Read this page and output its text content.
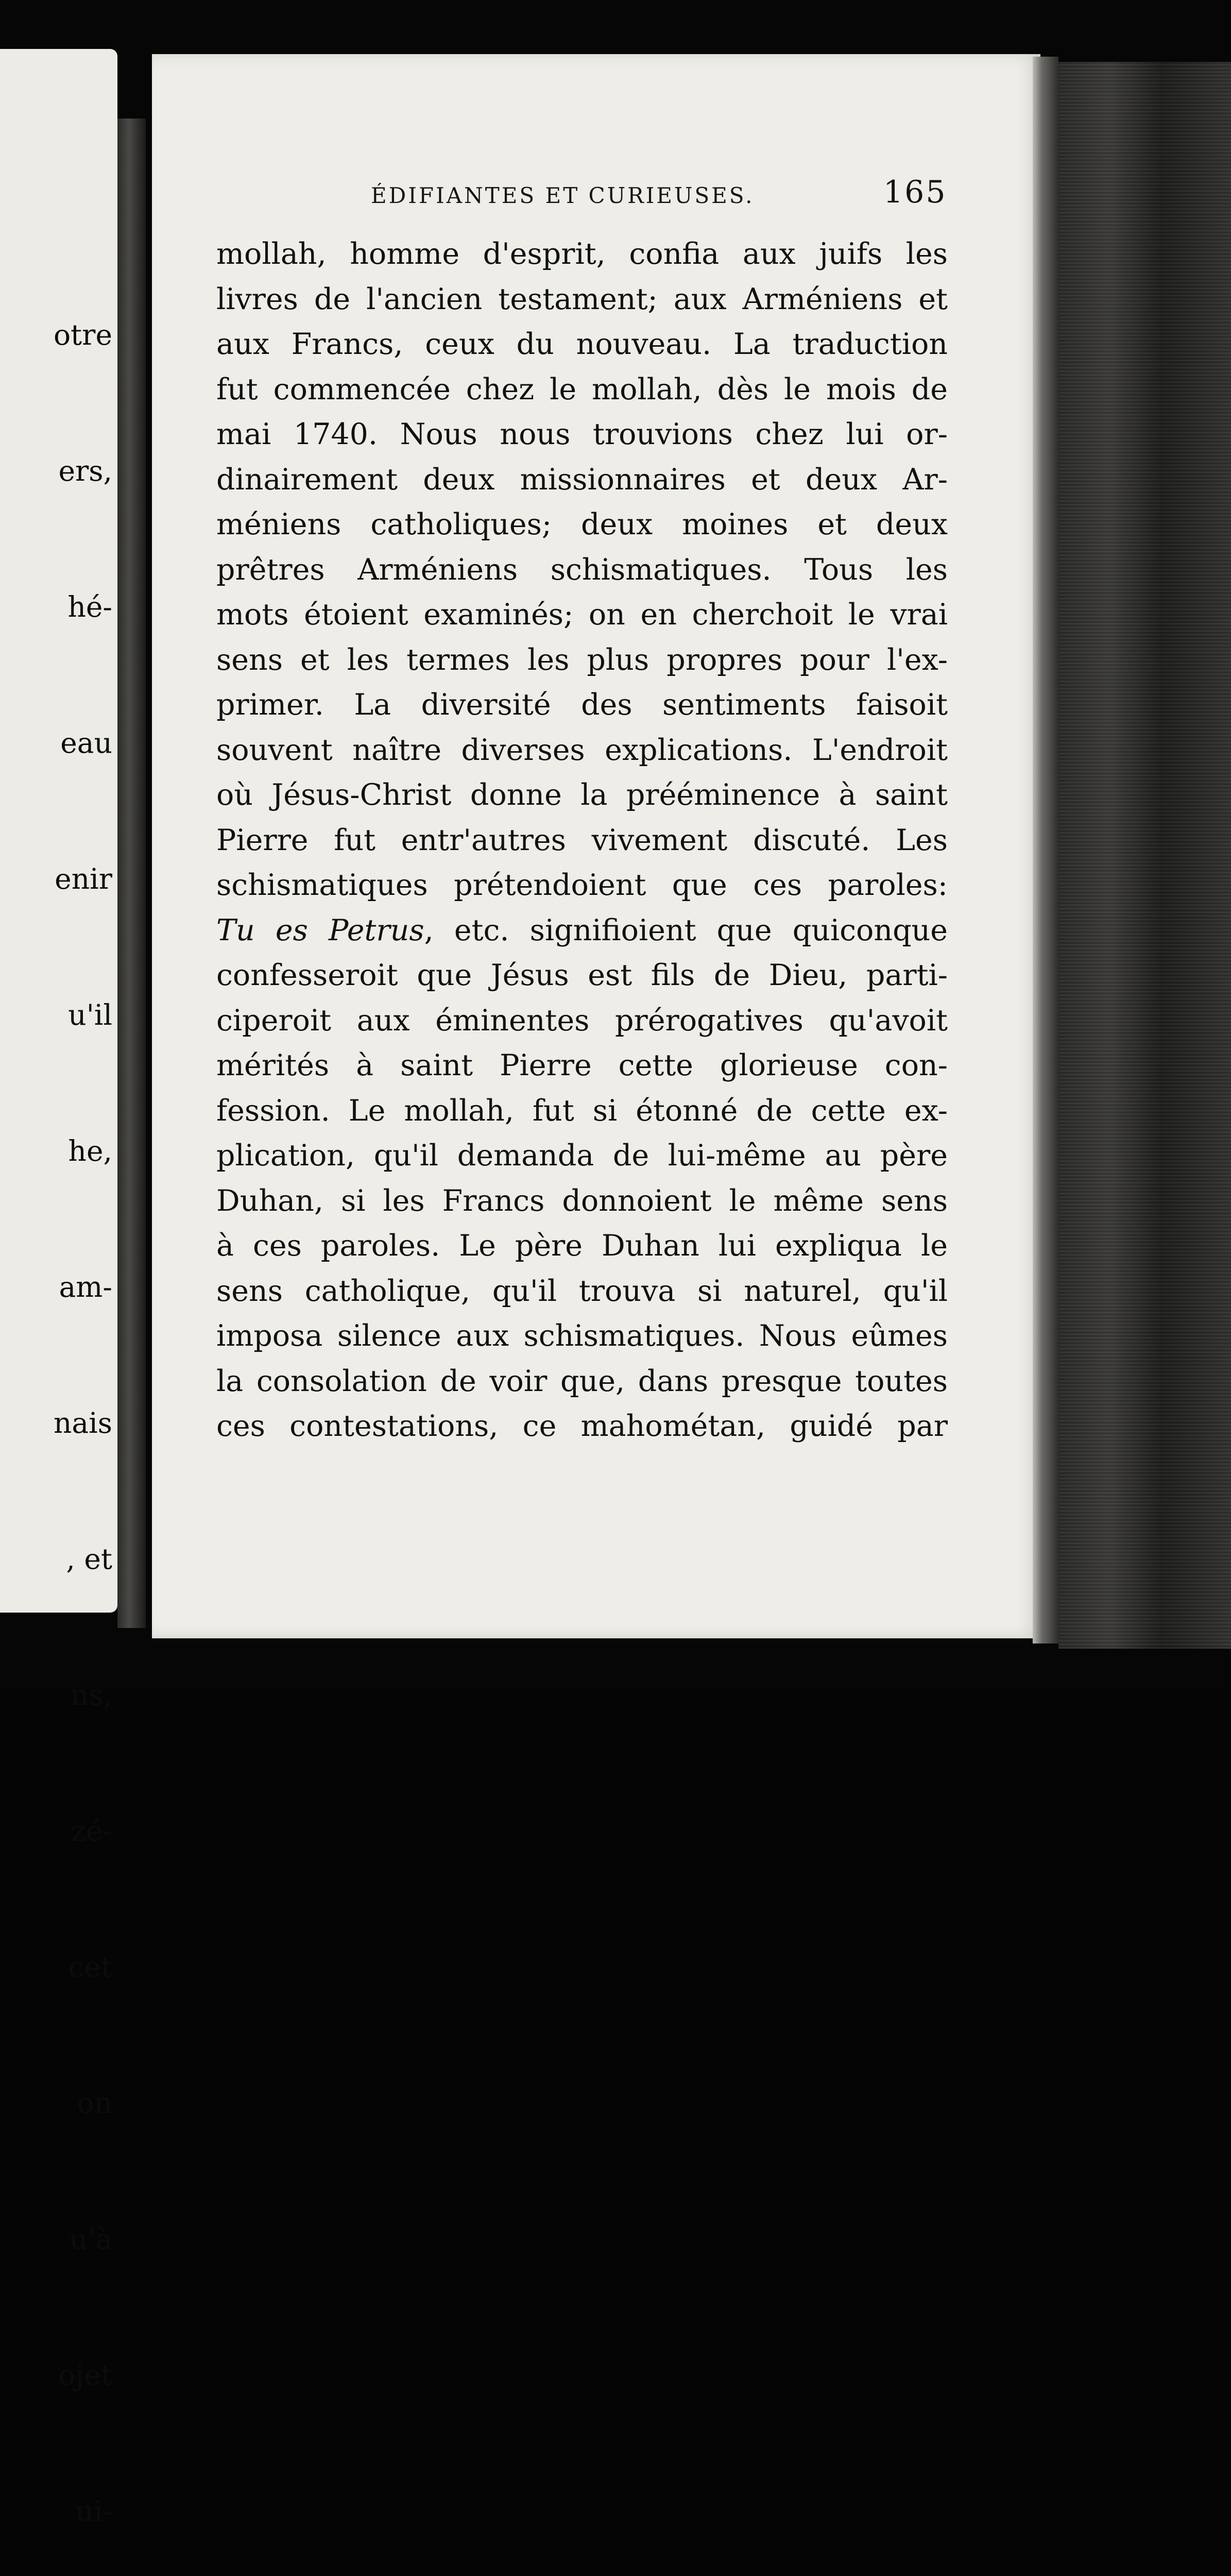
otre

ers,

hé-

eau

enir

u'il

he,

am-

nais

, et

ns,

zé-

cet

on

u'à

ojet

ui-

ÉDIFIANTES ET CURIEUSES.	165
mollah, homme d'esprit, confia aux juifs les
livres de l'ancien testament; aux Arméniens et
aux Francs, ceux du nouveau. La traduction
fut commencée chez le mollah, dès le mois de
mai 1740. Nous nous trouvions chez lui or-
dinairement deux missionnaires et deux Ar-
méniens catholiques; deux moines et deux
prêtres Arméniens schismatiques. Tous les
mots étoient examinés; on en cherchoit le vrai
sens et les termes les plus propres pour l'ex-
primer. La diversité des sentiments faisoit
souvent naître diverses explications. L'endroit
où Jésus-Christ donne la prééminence à saint
Pierre fut entr'autres vivement discuté. Les
schismatiques prétendoient que ces paroles:
Tu es Petrus, etc. signifioient que quiconque
confesseroit que Jésus est fils de Dieu, parti-
ciperoit aux éminentes prérogatives qu'avoit
mérités à saint Pierre cette glorieuse con-
fession. Le mollah, fut si étonné de cette ex-
plication, qu'il demanda de lui-même au père
Duhan, si les Francs donnoient le même sens
à ces paroles. Le père Duhan lui expliqua le
sens catholique, qu'il trouva si naturel, qu'il
imposa silence aux schismatiques. Nous eûmes
la consolation de voir que, dans presque toutes
ces contestations, ce mahométan, guidé par
